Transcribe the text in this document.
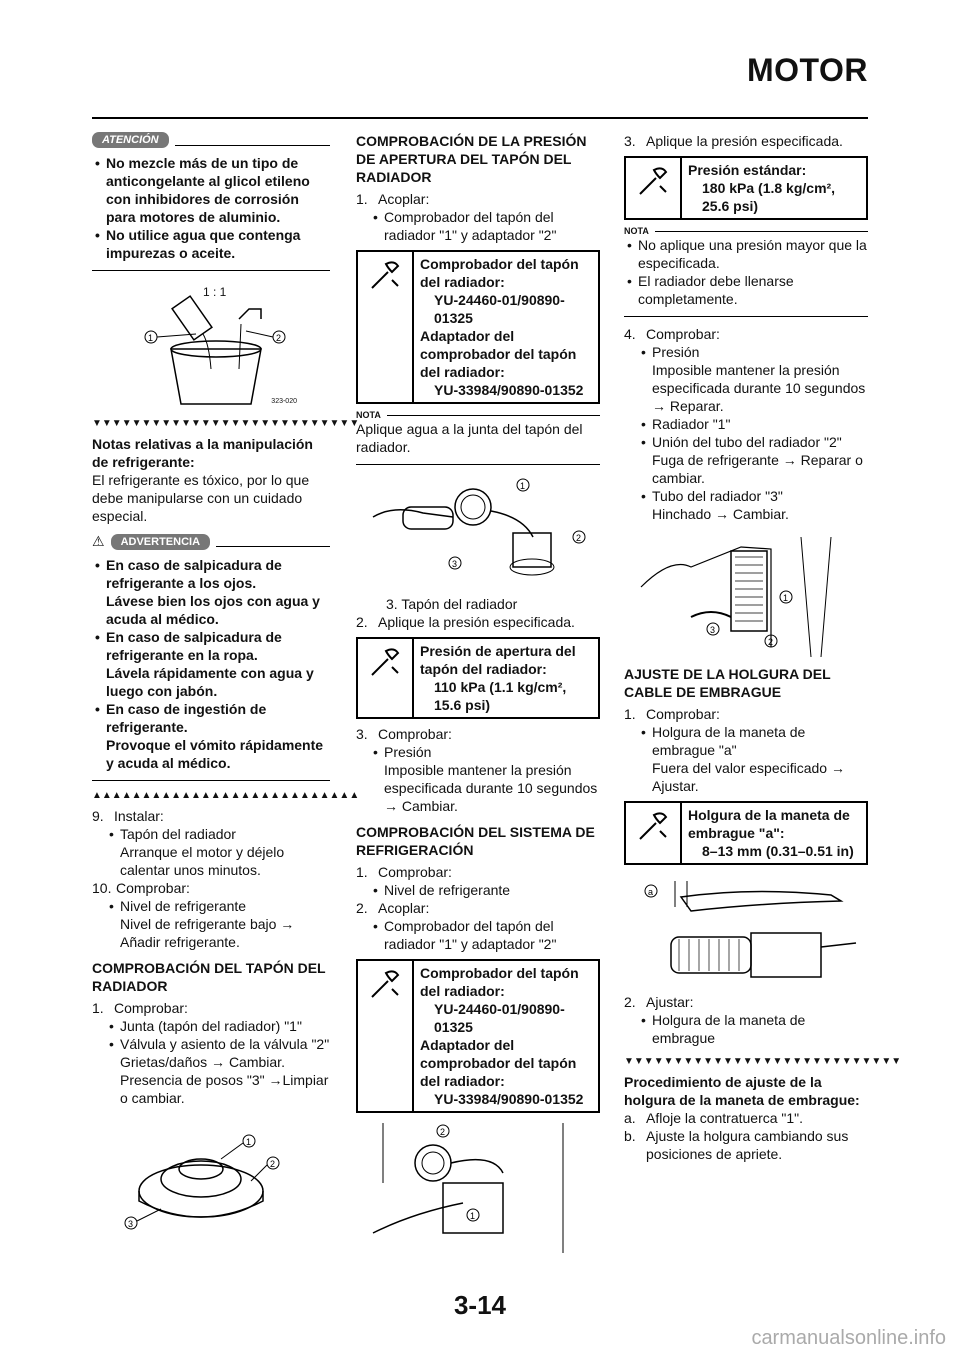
MOTOR
ATENCIÓN

• No mezcle más de un tipo de anticongelante al glicol etileno con inhibidores de corrosión para motores de aluminio.

• No utilice agua que contenga impurezas o aceite.

1	2
1 : 1
323-020
▼▼▼▼▼▼▼▼▼▼▼▼▼▼▼▼▼▼▼▼▼▼▼▼▼▼▼

Notas relativas a la manipulación de refrigerante:

El refrigerante es tóxico, por lo que debe manipularse con un cuidado especial.

⚠	ADVERTENCIA

• En caso de salpicadura de refrigerante a los ojos.

Lávese bien los ojos con agua y acuda al médico.

• En caso de salpicadura de refrigerante en la ropa.

Lávela rápidamente con agua y luego con jabón.

• En caso de ingestión de refrigerante.

Provoque el vómito rápidamente y acuda al médico.

▲▲▲▲▲▲▲▲▲▲▲▲▲▲▲▲▲▲▲▲▲▲▲▲▲▲▲

9. Instalar:

• Tapón del radiador

Arranque el motor y déjelo calentar unos minutos.

10. Comprobar:

• Nivel de refrigerante

Nivel de refrigerante bajo → Añadir refrigerante.

COMPROBACIÓN DEL TAPÓN DEL RADIADOR

1. Comprobar:

• Junta (tapón del radiador) "1"

• Válvula y asiento de la válvula "2"

Grietas/daños → Cambiar.

Presencia de posos "3" →Limpiar o cambiar.

1
2
3

COMPROBACIÓN DE LA PRESIÓN DE APERTURA DEL TAPÓN DEL RADIADOR

1. Acoplar:

• Comprobador del tapón del radiador "1" y adaptador "2"

Comprobador del tapón del radiador:
YU-24460-01/90890-01325
Adaptador del comprobador del tapón del radiador:
YU-33984/90890-01352
NOTA

Aplique agua a la junta del tapón del radiador.

1
2
3

3. Tapón del radiador

2. Aplique la presión especificada.

Presión de apertura del tapón del radiador:
110 kPa (1.1 kg/cm², 15.6 psi)

3. Comprobar:

• Presión

Imposible mantener la presión especificada durante 10 segundos → Cambiar.

COMPROBACIÓN DEL SISTEMA DE REFRIGERACIÓN

1. Comprobar:

• Nivel de refrigerante

2. Acoplar:

• Comprobador del tapón del radiador "1" y adaptador "2"

Comprobador del tapón del radiador:
YU-24460-01/90890-01325
Adaptador del comprobador del tapón del radiador:
YU-33984/90890-01352
2
1

3. Aplique la presión especificada.

Presión estándar:
180 kPa (1.8 kg/cm², 25.6 psi)
NOTA

• No aplique una presión mayor que la especificada.

• El radiador debe llenarse completamente.

4. Comprobar:

• Presión

Imposible mantener la presión especificada durante 10 segundos → Reparar.

• Radiador "1"

• Unión del tubo del radiador "2"

Fuga de refrigerante → Reparar o cambiar.

• Tubo del radiador "3"

Hinchado → Cambiar.

1
2
3

AJUSTE DE LA HOLGURA DEL CABLE DE EMBRAGUE

1. Comprobar:

• Holgura de la maneta de embrague "a"

Fuera del valor especificado → Ajustar.

Holgura de la maneta de embrague "a":
8–13 mm (0.31–0.51 in)
a

2. Ajustar:

• Holgura de la maneta de embrague

▼▼▼▼▼▼▼▼▼▼▼▼▼▼▼▼▼▼▼▼▼▼▼▼▼▼▼▼

Procedimiento de ajuste de la holgura de la maneta de embrague:

a. Afloje la contratuerca "1".

b. Ajuste la holgura cambiando sus posiciones de apriete.

3-14
carmanualsonline.info
